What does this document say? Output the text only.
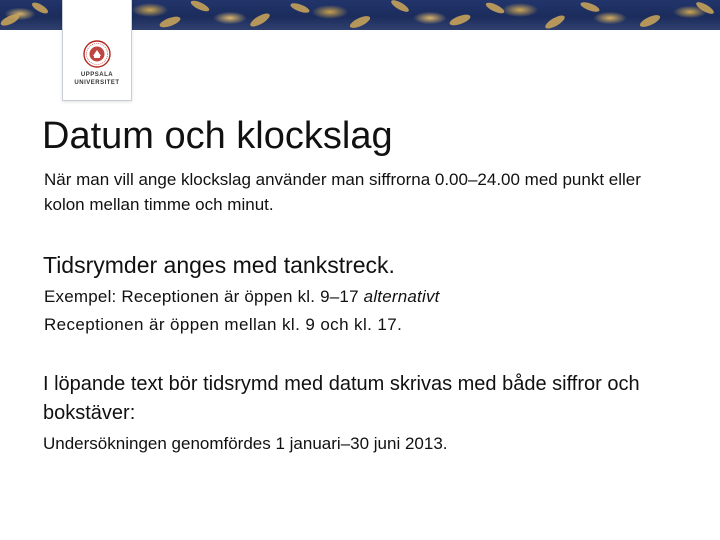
UPPSALA
UNIVERSITET
Datum och klockslag

När man vill ange klockslag använder man siffrorna 0.00–24.00 med punkt eller kolon mellan timme och minut.

Tidsrymder anges med tankstreck.

Exempel: Receptionen är öppen kl. 9–17 alternativt

Receptionen är öppen mellan kl. 9 och kl. 17.

I löpande text bör tidsrymd med datum skrivas med både siffror och bokstäver:

Undersökningen genomfördes 1 januari–30 juni 2013.
